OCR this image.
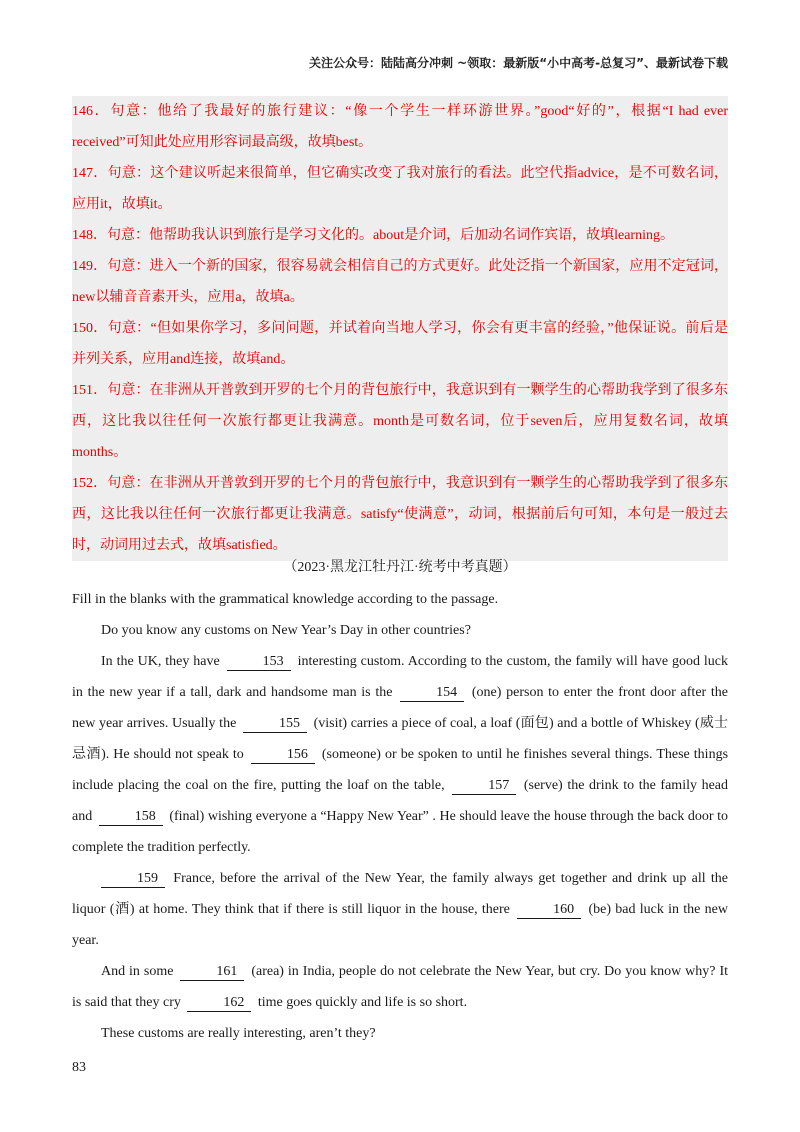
关注公众号：陆陆高分冲刺 ~领取：最新版“小中高考-总复习”、最新试卷下载

146．句意：他给了我最好的旅行建议：“像一个学生一样环游世界。”good“好的”，根据“I had ever received”可知此处应用形容词最高级，故填best。

147．句意：这个建议听起来很简单，但它确实改变了我对旅行的看法。此空代指advice，是不可数名词，应用it，故填it。

148．句意：他帮助我认识到旅行是学习文化的。about是介词，后加动名词作宾语，故填learning。

149．句意：进入一个新的国家，很容易就会相信自己的方式更好。此处泛指一个新国家，应用不定冠词，new以辅音音素开头，应用a，故填a。

150．句意：“但如果你学习，多问问题，并试着向当地人学习，你会有更丰富的经验，”他保证说。前后是并列关系，应用and连接，故填and。

151．句意：在非洲从开普敦到开罗的七个月的背包旅行中，我意识到有一颗学生的心帮助我学到了很多东西，这比我以往任何一次旅行都更让我满意。month是可数名词，位于seven后，应用复数名词，故填months。

152．句意：在非洲从开普敦到开罗的七个月的背包旅行中，我意识到有一颗学生的心帮助我学到了很多东西，这比我以往任何一次旅行都更让我满意。satisfy“使满意”，动词，根据前后句可知，本句是一般过去时，动词用过去式，故填satisfied。

（2023·黑龙江牡丹江·统考中考真题）

Fill in the blanks with the grammatical knowledge according to the passage.

Do you know any customs on New Year’s Day in other countries?

In the UK, they have	153 interesting custom. According to the custom, the family will have good luck in the new year if a tall, dark and handsome man is the	154 (one) person to enter the front door after the new year arrives. Usually the	155 (visit) carries a piece of coal, a loaf (面包) and a bottle of Whiskey (威士忌酒). He should not speak to	156 (someone) or be spoken to until he finishes several things. These things include placing the coal on the fire, putting the loaf on the table,	157 (serve) the drink to the family head and	158 (final) wishing everyone a “Happy New Year” . He should leave the house through the back door to complete the tradition perfectly.

159 France, before the arrival of the New Year, the family always get together and drink up all the liquor (酒) at home. They think that if there is still liquor in the house, there	160 (be) bad luck in the new year.

And in some	161 (area) in India, people do not celebrate the New Year, but cry. Do you know why? It is said that they cry	162 time goes quickly and life is so short.

These customs are really interesting, aren’t they?

83
